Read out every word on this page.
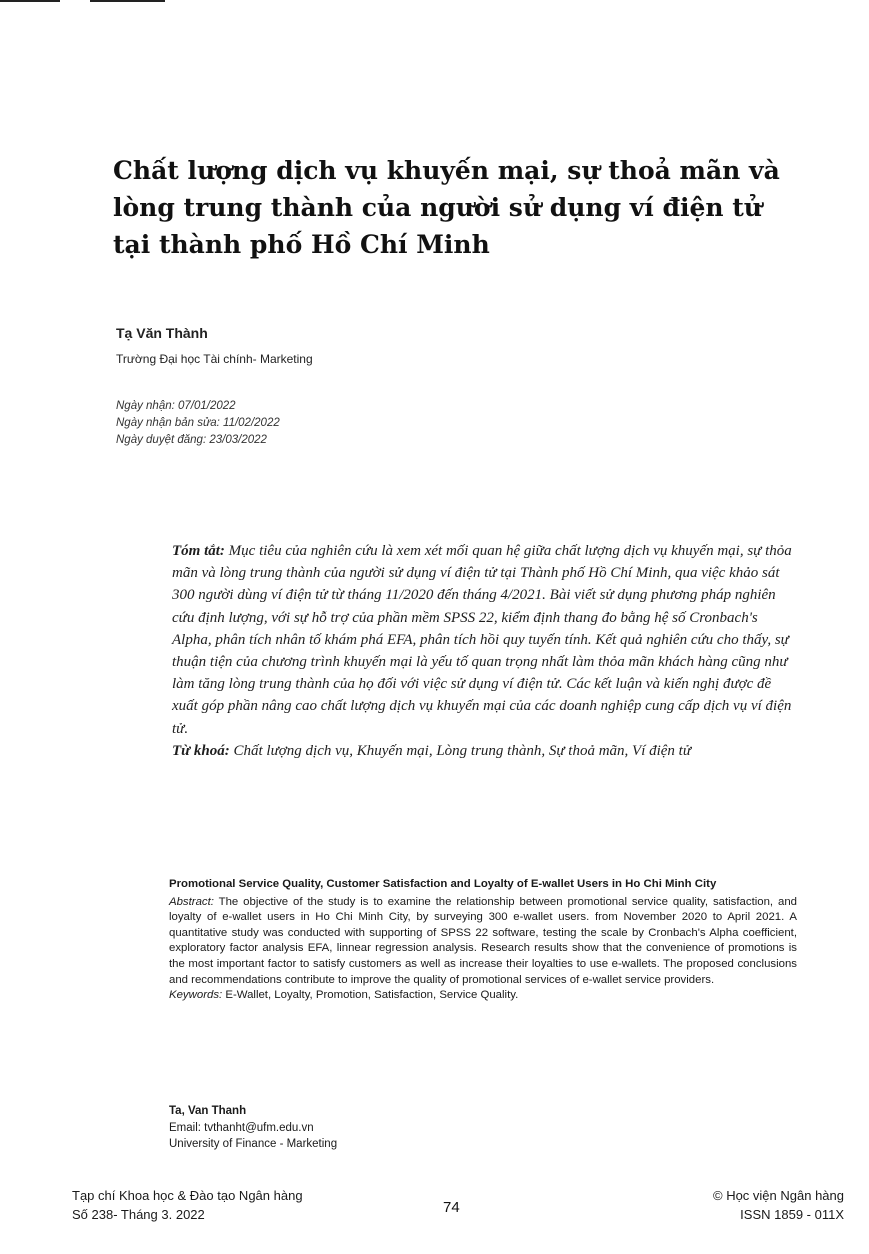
Chất lượng dịch vụ khuyến mại, sự thoả mãn và lòng trung thành của người sử dụng ví điện tử tại thành phố Hồ Chí Minh
Tạ Văn Thành
Trường Đại học Tài chính- Marketing
Ngày nhận: 07/01/2022
Ngày nhận bản sửa: 11/02/2022
Ngày duyệt đăng: 23/03/2022
Tóm tắt: Mục tiêu của nghiên cứu là xem xét mối quan hệ giữa chất lượng dịch vụ khuyến mại, sự thỏa mãn và lòng trung thành của người sử dụng ví điện tử tại Thành phố Hồ Chí Minh, qua việc khảo sát 300 người dùng ví điện tử từ tháng 11/2020 đến tháng 4/2021. Bài viết sử dụng phương pháp nghiên cứu định lượng, với sự hỗ trợ của phần mềm SPSS 22, kiểm định thang đo bằng hệ số Cronbach's Alpha, phân tích nhân tố khám phá EFA, phân tích hồi quy tuyến tính. Kết quả nghiên cứu cho thấy, sự thuận tiện của chương trình khuyến mại là yếu tố quan trọng nhất làm thỏa mãn khách hàng cũng như làm tăng lòng trung thành của họ đối với việc sử dụng ví điện tử. Các kết luận và kiến nghị được đề xuất góp phần nâng cao chất lượng dịch vụ khuyến mại của các doanh nghiệp cung cấp dịch vụ ví điện tử.
Từ khoá: Chất lượng dịch vụ, Khuyến mại, Lòng trung thành, Sự thoả mãn, Ví điện tử
Promotional Service Quality, Customer Satisfaction and Loyalty of E-wallet Users in Ho Chi Minh City
Abstract: The objective of the study is to examine the relationship between promotional service quality, satisfaction, and loyalty of e-wallet users in Ho Chi Minh City, by surveying 300 e-wallet users. from November 2020 to April 2021. A quantitative study was conducted with supporting of SPSS 22 software, testing the scale by Cronbach's Alpha coefficient, exploratory factor analysis EFA, linnear regression analysis. Research results show that the convenience of promotions is the most important factor to satisfy customers as well as increase their loyalties to use e-wallets. The proposed conclusions and recommendations contribute to improve the quality of promotional services of e-wallet service providers.
Keywords: E-Wallet, Loyalty, Promotion, Satisfaction, Service Quality.
Ta, Van Thanh
Email: tvthanht@ufm.edu.vn
University of Finance - Marketing
Tạp chí Khoa học & Đào tạo Ngân hàng
Số 238- Tháng 3. 2022	74
© Học viện Ngân hàng
ISSN 1859 - 011X
